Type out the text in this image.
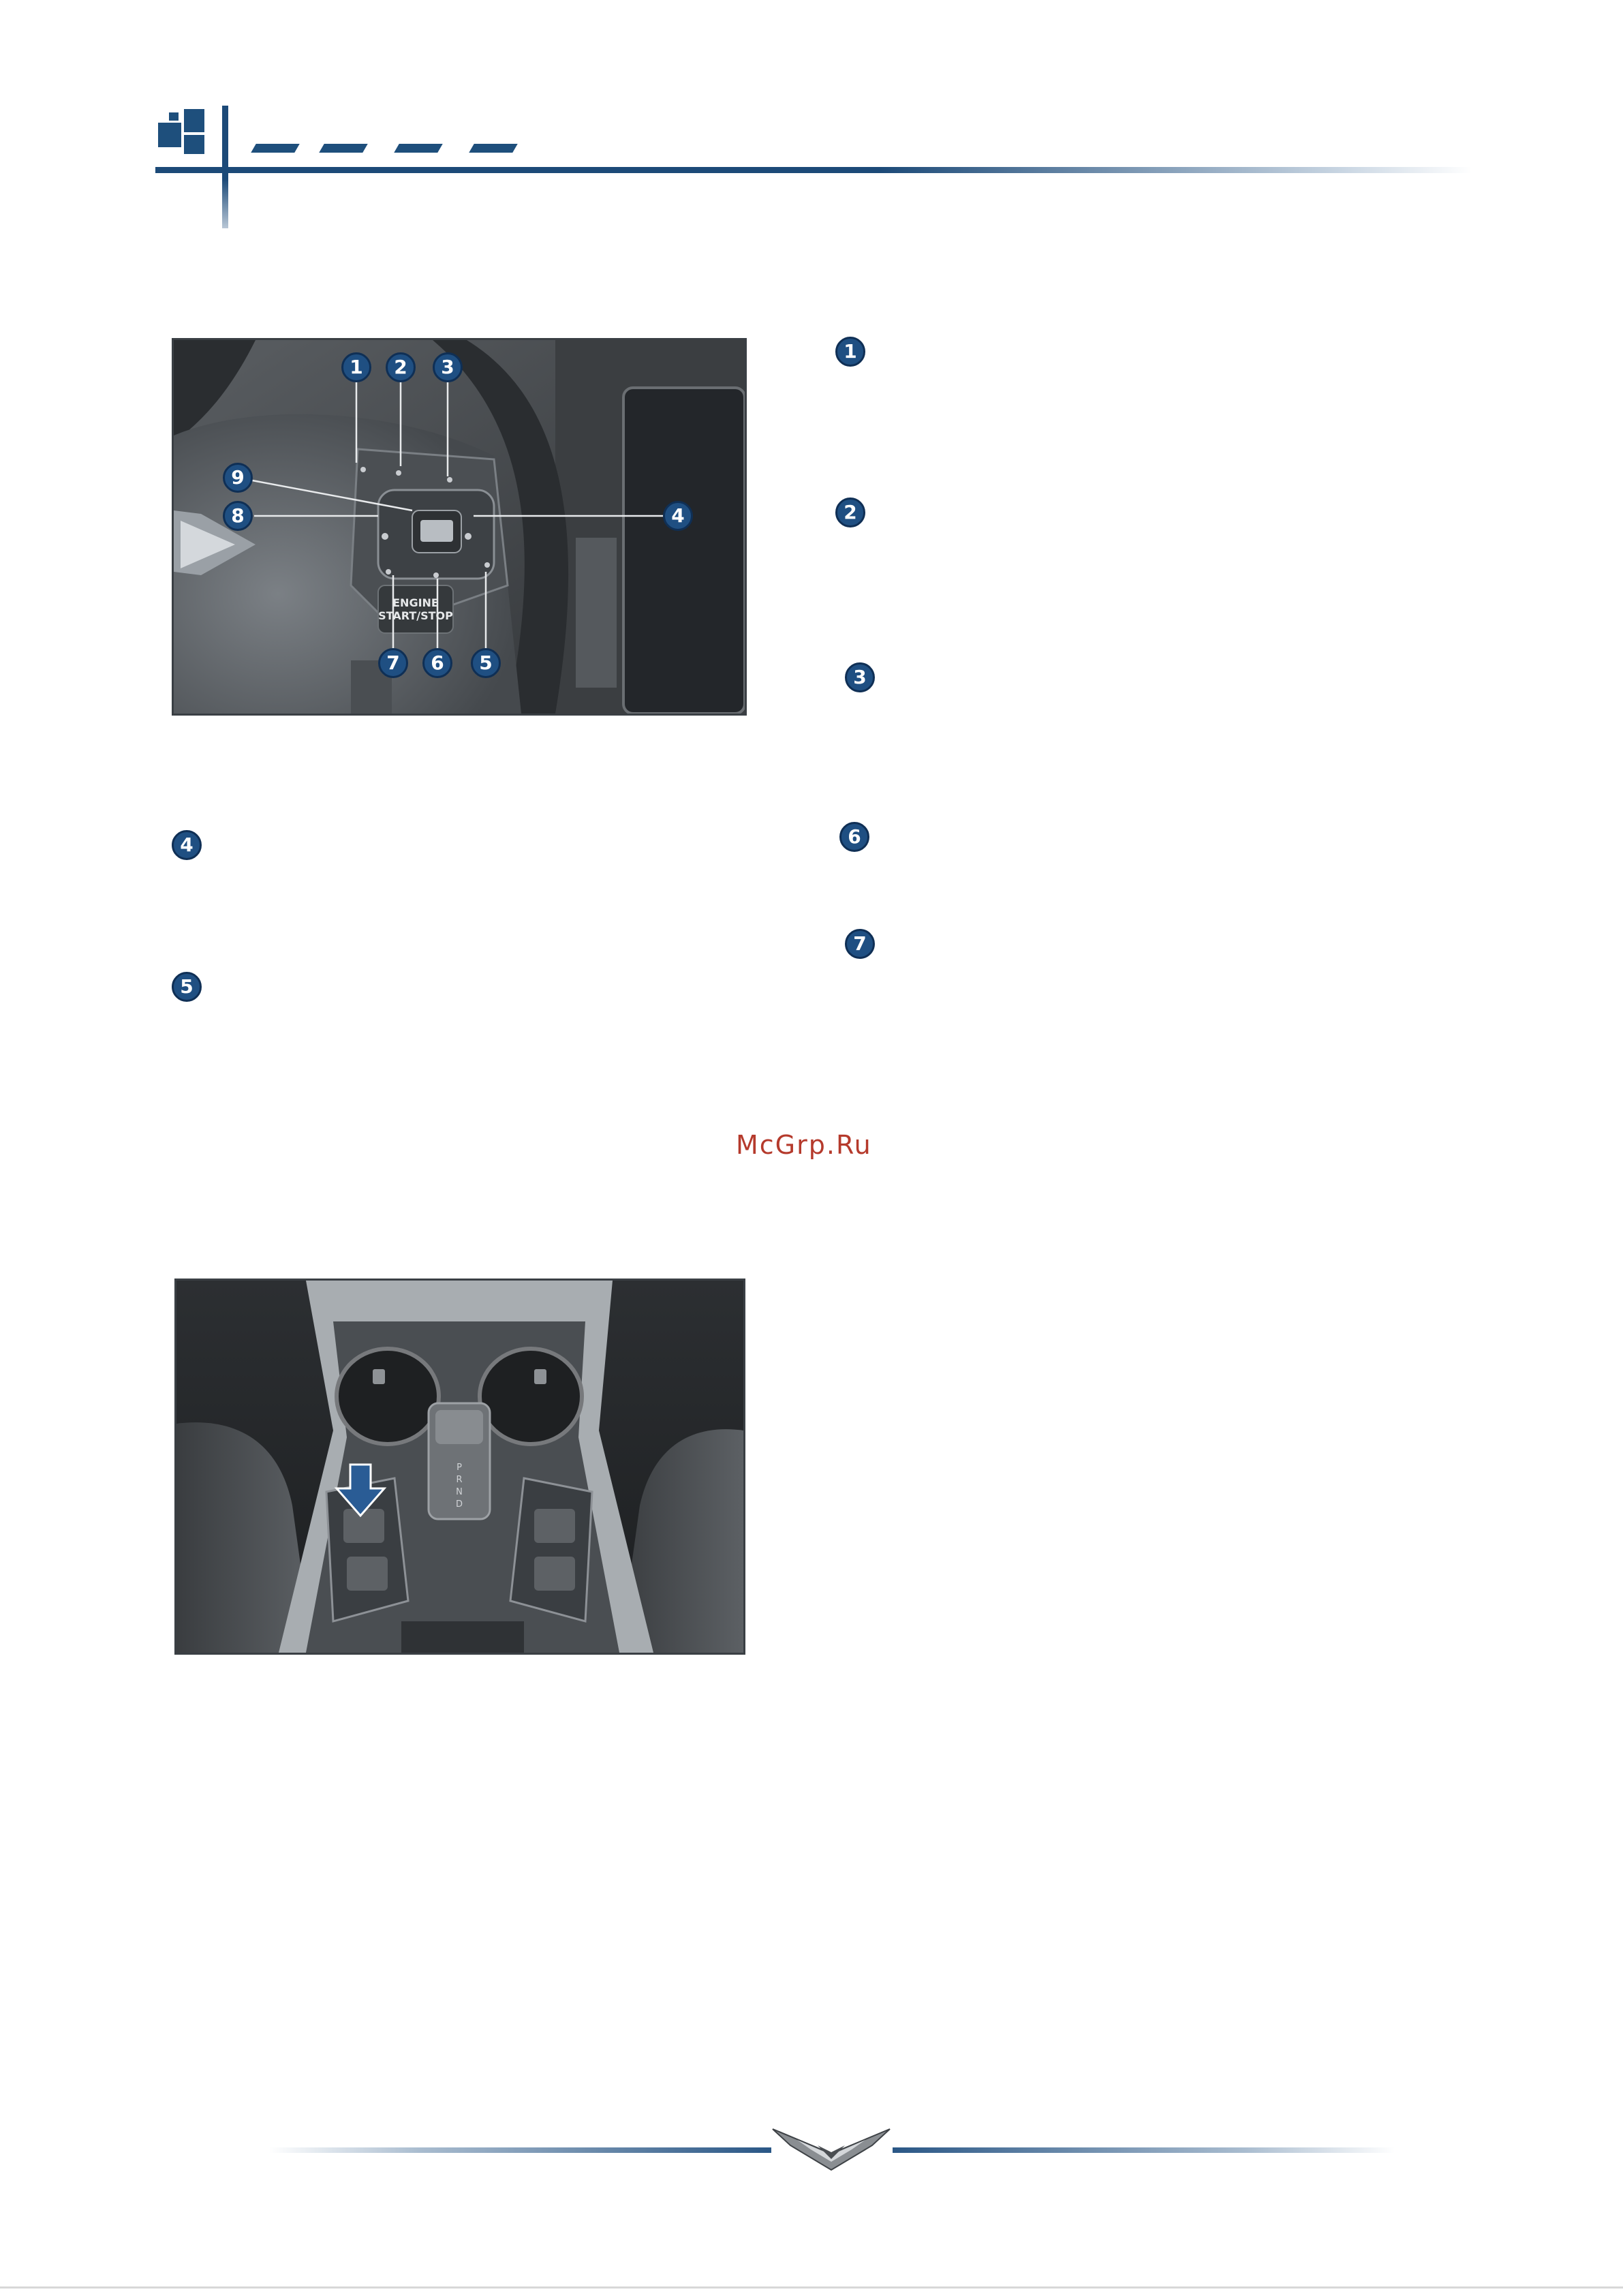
ENGINE
START/STOP
1	2	3
4
5
6
7
8
9
1
2
3
4
5
6
7
McGrp.Ru
P
R
N
D
